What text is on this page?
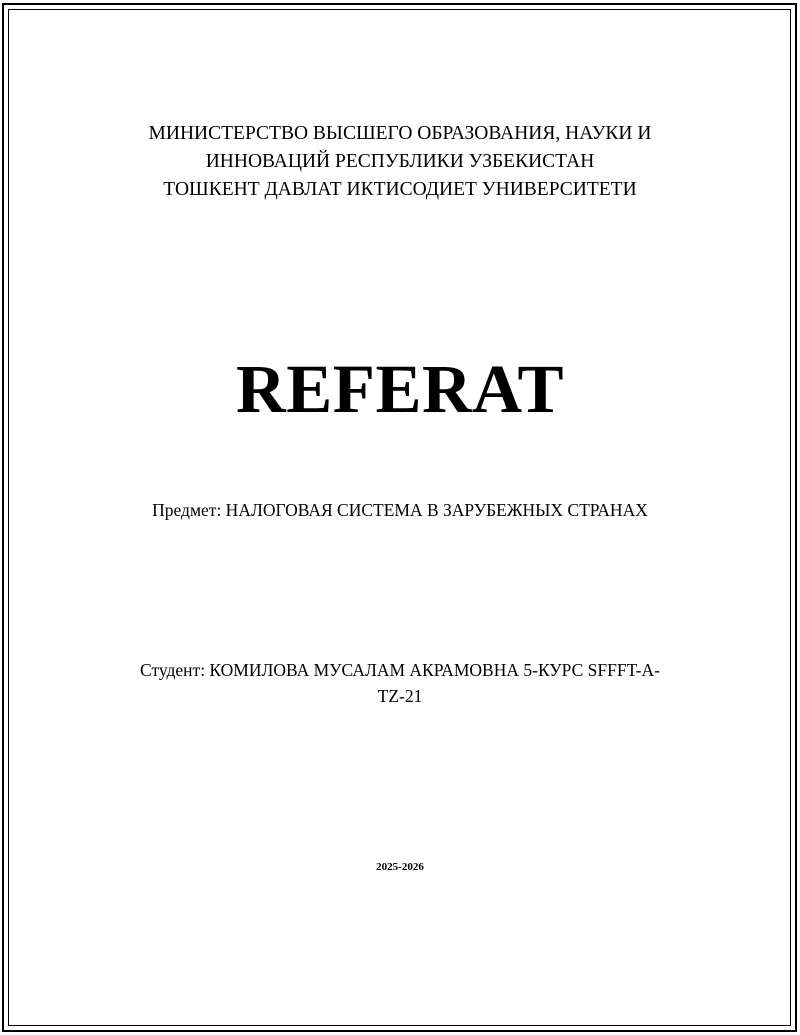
МИНИСТЕРСТВО ВЫСШЕГО ОБРАЗОВАНИЯ, НАУКИ И
ИННОВАЦИЙ РЕСПУБЛИКИ УЗБЕКИСТАН
ТОШКЕНТ ДАВЛАТ ИКТИСОДИЕТ УНИВЕРСИТЕТИ
REFERAT
Предмет: НАЛОГОВАЯ СИСТЕМА В ЗАРУБЕЖНЫХ СТРАНАХ
Студент: КОМИЛОВА МУСАЛАМ АКРАМОВНА 5-КУРС SFFFT-A-
TZ-21
2025-2026
